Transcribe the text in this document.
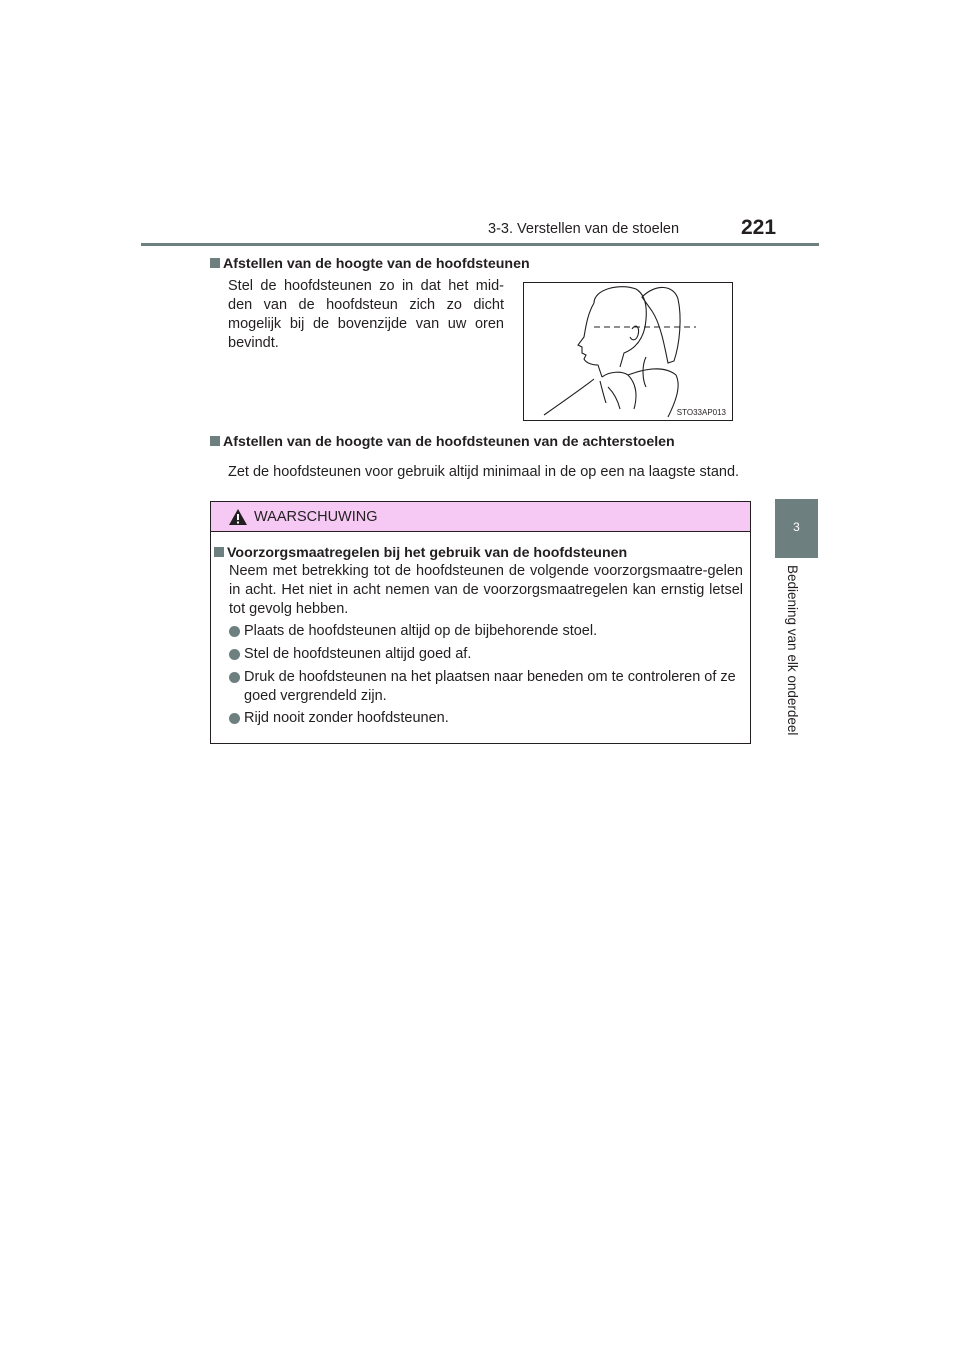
3-3. Verstellen van de stoelen	221
3
Bediening van elk onderdeel
Afstellen van de hoogte van de hoofdsteunen
Stel de hoofdsteunen zo in dat het mid-den van de hoofdsteun zich zo dicht mogelijk bij de bovenzijde van uw oren bevindt.
STO33AP013
Afstellen van de hoogte van de hoofdsteunen van de achterstoelen
Zet de hoofdsteunen voor gebruik altijd minimaal in de op een na laagste stand.
WAARSCHUWING
Voorzorgsmaatregelen bij het gebruik van de hoofdsteunen
Neem met betrekking tot de hoofdsteunen de volgende voorzorgsmaatre-gelen in acht. Het niet in acht nemen van de voorzorgsmaatregelen kan ernstig letsel tot gevolg hebben.
Plaats de hoofdsteunen altijd op de bijbehorende stoel.
Stel de hoofdsteunen altijd goed af.
Druk de hoofdsteunen na het plaatsen naar beneden om te controleren of ze goed vergrendeld zijn.
Rijd nooit zonder hoofdsteunen.
